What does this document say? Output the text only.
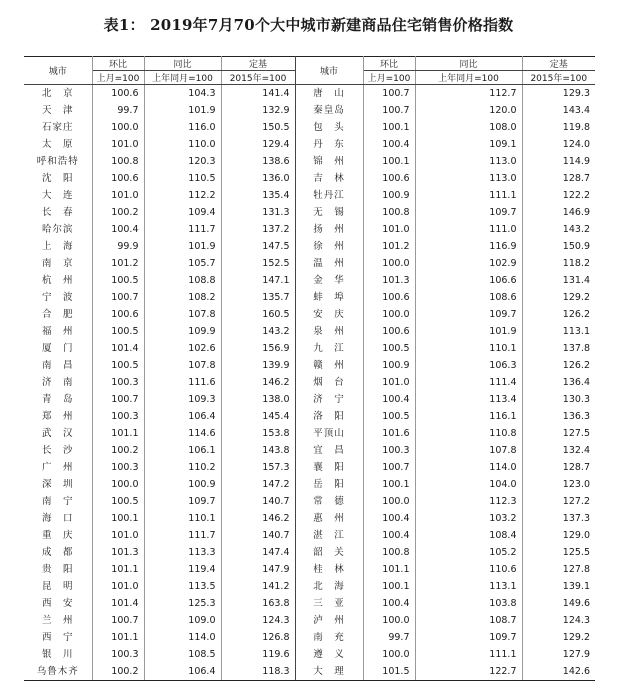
表1： 2019年7月70个大中城市新建商品住宅销售价格指数
城市	环比	同比	定基	城市	环比	同比	定基
	上月=100	上年同月=100	2015年=100		上月=100	上年同月=100	2015年=100
北　京	100.6	104.3	141.4	唐　山	100.7	112.7	129.3
天　津	99.7	101.9	132.9	秦皇岛	100.7	120.0	143.4
石家庄	100.0	116.0	150.5	包　头	100.1	108.0	119.8
太　原	101.0	110.0	129.4	丹　东	100.4	109.1	124.0
呼和浩特	100.8	120.3	138.6	锦　州	100.1	113.0	114.9
沈　阳	100.6	110.5	136.0	吉　林	100.6	113.0	128.7
大　连	101.0	112.2	135.4	牡丹江	100.9	111.1	122.2
长　春	100.2	109.4	131.3	无　锡	100.8	109.7	146.9
哈尔滨	100.4	111.7	137.2	扬　州	101.0	111.0	143.2
上　海	99.9	101.9	147.5	徐　州	101.2	116.9	150.9
南　京	101.2	105.7	152.5	温　州	100.0	102.9	118.2
杭　州	100.5	108.8	147.1	金　华	101.3	106.6	131.4
宁　波	100.7	108.2	135.7	蚌　埠	100.6	108.6	129.2
合　肥	100.6	107.8	160.5	安　庆	100.0	109.7	126.2
福　州	100.5	109.9	143.2	泉　州	100.6	101.9	113.1
厦　门	101.4	102.6	156.9	九　江	100.5	110.1	137.8
南　昌	100.5	107.8	139.9	赣　州	100.9	106.3	126.2
济　南	100.3	111.6	146.2	烟　台	101.0	111.4	136.4
青　岛	100.7	109.3	138.0	济　宁	100.4	113.4	130.3
郑　州	100.3	106.4	145.4	洛　阳	100.5	116.1	136.3
武　汉	101.1	114.6	153.8	平顶山	101.6	110.8	127.5
长　沙	100.2	106.1	143.8	宜　昌	100.3	107.8	132.4
广　州	100.3	110.2	157.3	襄　阳	100.7	114.0	128.7
深　圳	100.0	100.9	147.2	岳　阳	100.1	104.0	123.0
南　宁	100.5	109.7	140.7	常　德	100.0	112.3	127.2
海　口	100.1	110.1	146.2	惠　州	100.4	103.2	137.3
重　庆	101.0	111.7	140.7	湛　江	100.4	108.4	129.0
成　都	101.3	113.3	147.4	韶　关	100.8	105.2	125.5
贵　阳	101.1	119.4	147.9	桂　林	101.1	110.6	127.8
昆　明	101.0	113.5	141.2	北　海	100.1	113.1	139.1
西　安	101.4	125.3	163.8	三　亚	100.4	103.8	149.6
兰　州	100.7	109.0	124.3	泸　州	100.0	108.7	124.3
西　宁	101.1	114.0	126.8	南　充	99.7	109.7	129.2
银　川	100.3	108.5	119.6	遵　义	100.0	111.1	127.9
乌鲁木齐	100.2	106.4	118.3	大　理	101.5	122.7	142.6
